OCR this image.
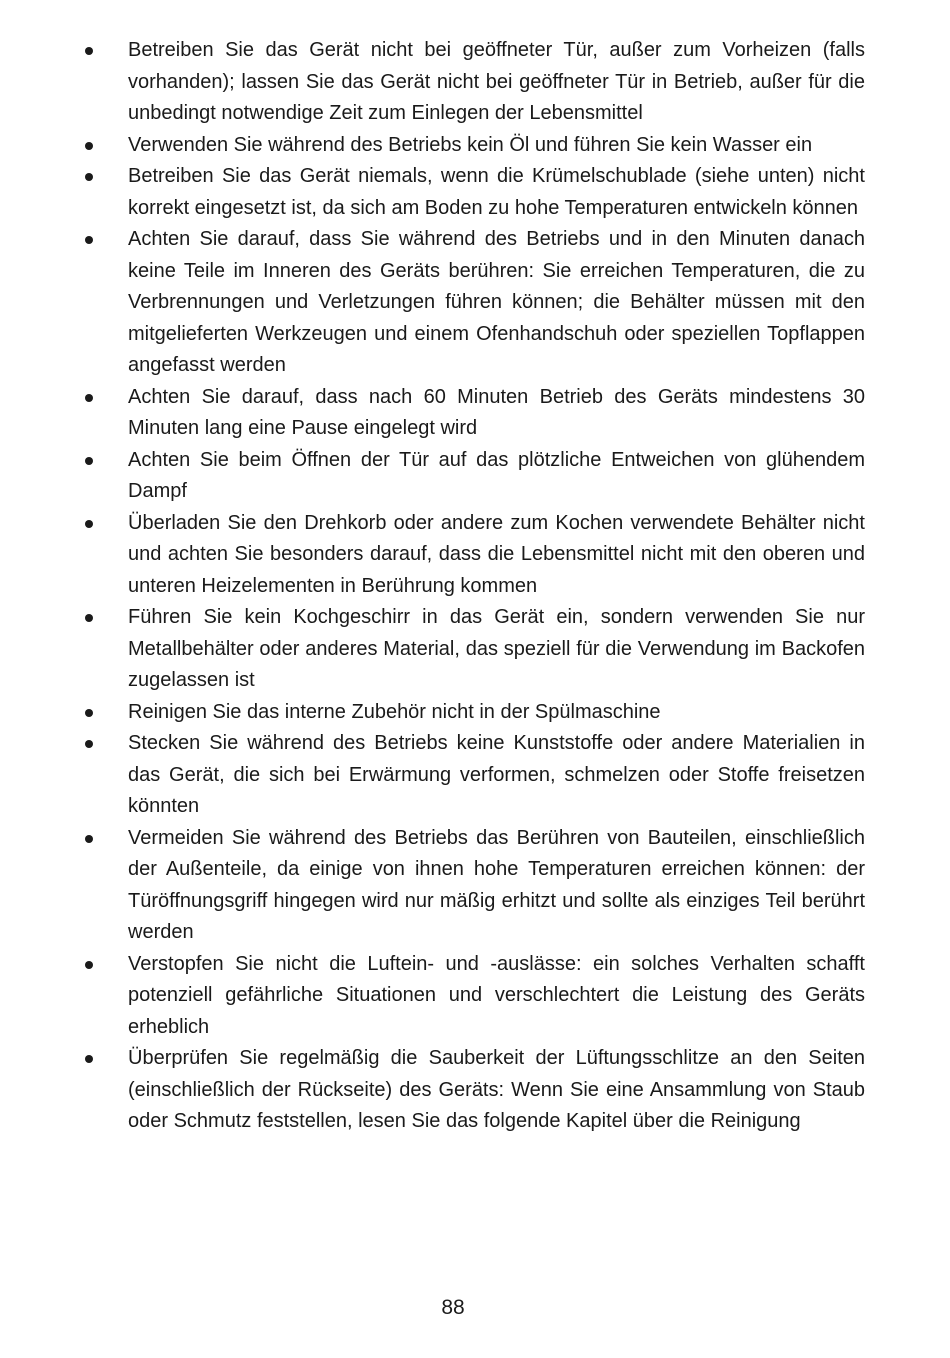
Betreiben Sie das Gerät nicht bei geöffneter Tür, außer zum Vorheizen (falls vorhanden); lassen Sie das Gerät nicht bei geöffneter Tür in Betrieb, außer für die unbedingt notwendige Zeit zum Einlegen der Lebensmittel
Verwenden Sie während des Betriebs kein Öl und führen Sie kein Wasser ein
Betreiben Sie das Gerät niemals, wenn die Krümelschublade (siehe unten) nicht korrekt eingesetzt ist, da sich am Boden zu hohe Temperaturen entwickeln können
Achten Sie darauf, dass Sie während des Betriebs und in den Minuten danach keine Teile im Inneren des Geräts berühren: Sie erreichen Temperaturen, die zu Verbrennungen und Verletzungen führen können; die Behälter müssen mit den mitgelieferten Werkzeugen und einem Ofenhandschuh oder speziellen Topflappen angefasst werden
Achten Sie darauf, dass nach 60 Minuten Betrieb des Geräts mindestens 30 Minuten lang eine Pause eingelegt wird
Achten Sie beim Öffnen der Tür auf das plötzliche Entweichen von glühendem Dampf
Überladen Sie den Drehkorb oder andere zum Kochen verwendete Behälter nicht und achten Sie besonders darauf, dass die Lebensmittel nicht mit den oberen und unteren Heizelementen in Berührung kommen
Führen Sie kein Kochgeschirr in das Gerät ein, sondern verwenden Sie nur Metallbehälter oder anderes Material, das speziell für die Verwendung im Backofen zugelassen ist
Reinigen Sie das interne Zubehör nicht in der Spülmaschine
Stecken Sie während des Betriebs keine Kunststoffe oder andere Materialien in das Gerät, die sich bei Erwärmung verformen, schmelzen oder Stoffe freisetzen könnten
Vermeiden Sie während des Betriebs das Berühren von Bauteilen, einschließlich der Außenteile, da einige von ihnen hohe Temperaturen erreichen können: der Türöffnungsgriff hingegen wird nur mäßig erhitzt und sollte als einziges Teil berührt werden
Verstopfen Sie nicht die Luftein- und -auslässe: ein solches Verhalten schafft potenziell gefährliche Situationen und verschlechtert die Leistung des Geräts erheblich
Überprüfen Sie regelmäßig die Sauberkeit der Lüftungsschlitze an den Seiten (einschließlich der Rückseite) des Geräts: Wenn Sie eine Ansammlung von Staub oder Schmutz feststellen, lesen Sie das folgende Kapitel über die Reinigung
88
